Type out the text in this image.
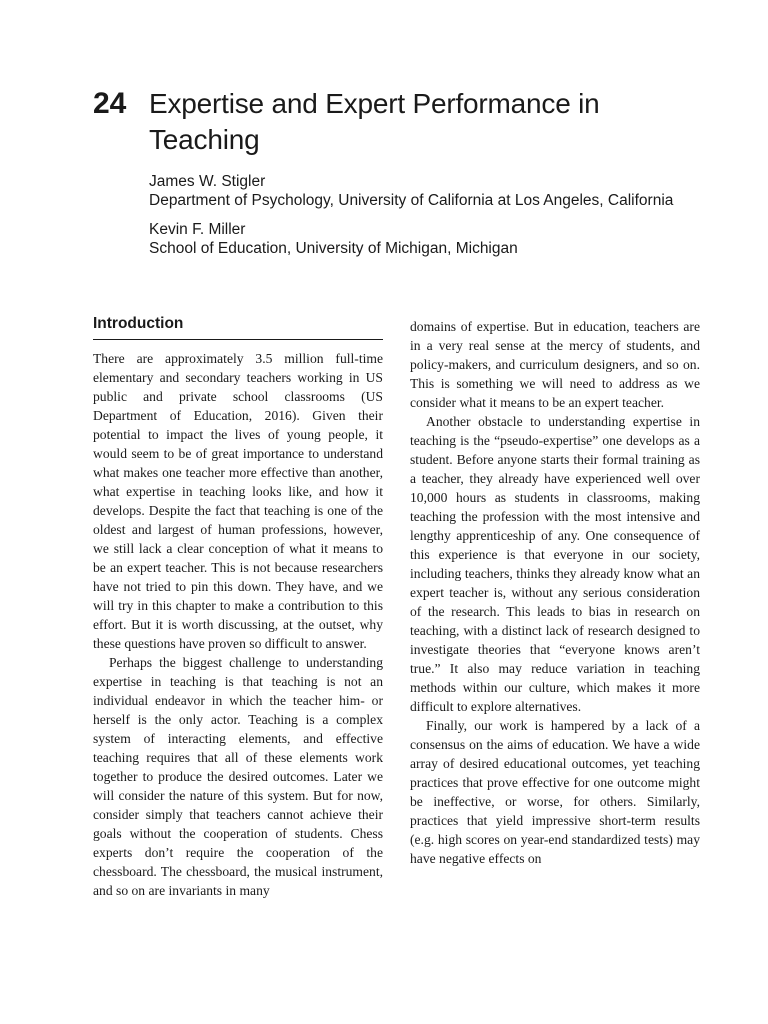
24 Expertise and Expert Performance in Teaching
James W. Stigler
Department of Psychology, University of California at Los Angeles, California
Kevin F. Miller
School of Education, University of Michigan, Michigan
Introduction

There are approximately 3.5 million full-time elementary and secondary teachers working in US public and private school classrooms (US Department of Education, 2016). Given their potential to impact the lives of young people, it would seem to be of great importance to understand what makes one teacher more effective than another, what expertise in teaching looks like, and how it develops. Despite the fact that teaching is one of the oldest and largest of human professions, however, we still lack a clear conception of what it means to be an expert teacher. This is not because researchers have not tried to pin this down. They have, and we will try in this chapter to make a contribution to this effort. But it is worth discussing, at the outset, why these questions have proven so difficult to answer.

Perhaps the biggest challenge to understanding expertise in teaching is that teaching is not an individual endeavor in which the teacher him- or herself is the only actor. Teaching is a complex system of interacting elements, and effective teaching requires that all of these elements work together to produce the desired outcomes. Later we will consider the nature of this system. But for now, consider simply that teachers cannot achieve their goals without the cooperation of students. Chess experts don’t require the cooperation of the chessboard. The chessboard, the musical instrument, and so on are invariants in many

domains of expertise. But in education, teachers are in a very real sense at the mercy of students, and policy-makers, and curriculum designers, and so on. This is something we will need to address as we consider what it means to be an expert teacher.

Another obstacle to understanding expertise in teaching is the “pseudo-expertise” one develops as a student. Before anyone starts their formal training as a teacher, they already have experienced well over 10,000 hours as students in classrooms, making teaching the profession with the most intensive and lengthy apprenticeship of any. One consequence of this experience is that everyone in our society, including teachers, thinks they already know what an expert teacher is, without any serious consideration of the research. This leads to bias in research on teaching, with a distinct lack of research designed to investigate theories that “everyone knows aren’t true.” It also may reduce variation in teaching methods within our culture, which makes it more difficult to explore alternatives.

Finally, our work is hampered by a lack of a consensus on the aims of education. We have a wide array of desired educational outcomes, yet teaching practices that prove effective for one outcome might be ineffective, or worse, for others. Similarly, practices that yield impressive short-term results (e.g. high scores on year-end standardized tests) may have negative effects on
